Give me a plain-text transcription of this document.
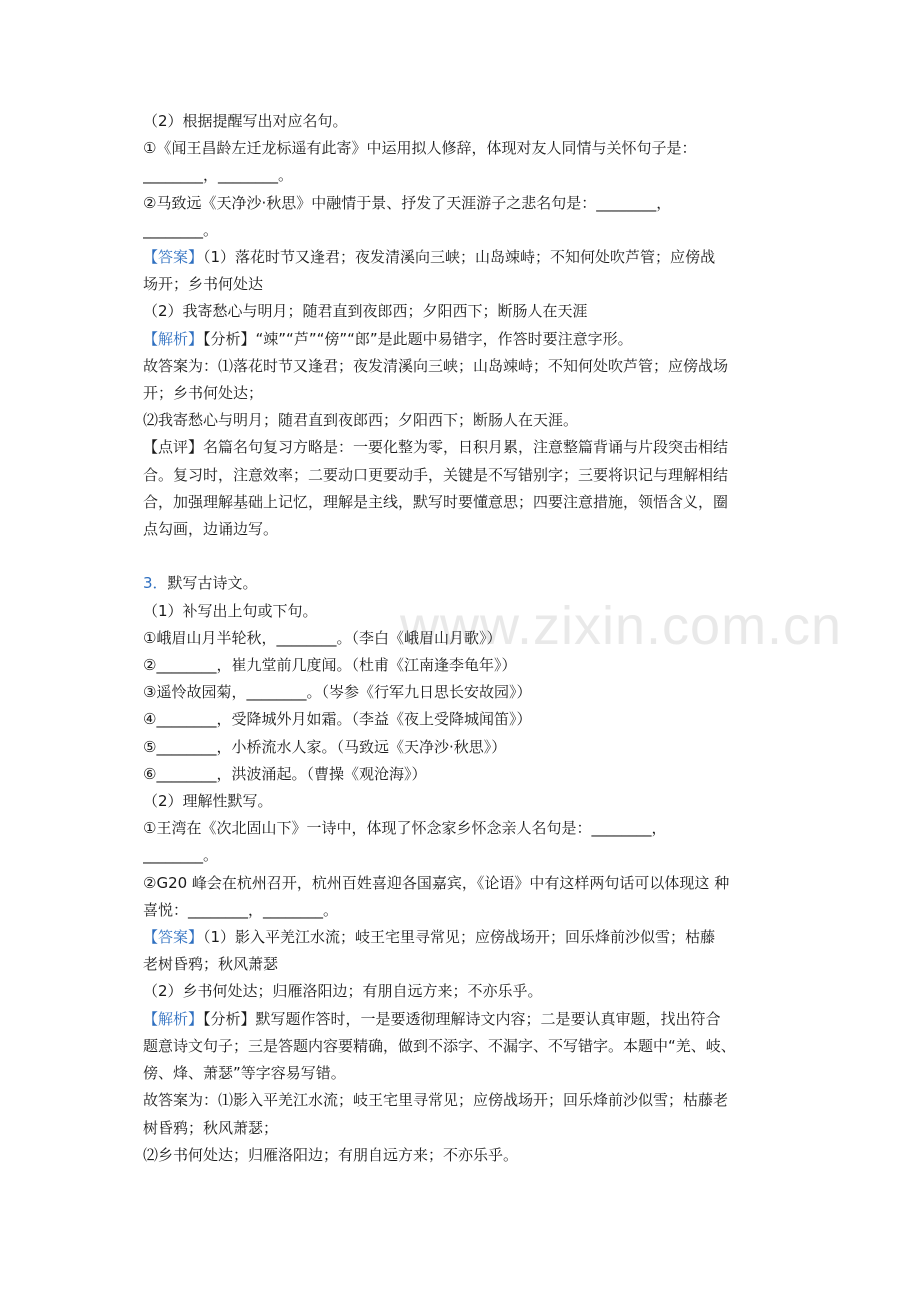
www.zixin.com.cn
（2）根据提醒写出对应名句。
①《闻王昌龄左迁龙标遥有此寄》中运用拟人修辞，体现对友人同情与关怀句子是：
________，________。
②马致远《天净沙·秋思》中融情于景、抒发了天涯游子之悲名句是：________，
________。
【答案】（1）落花时节又逢君；夜发清溪向三峡；山岛竦峙；不知何处吹芦管；应傍战
场开；乡书何处达
（2）我寄愁心与明月；随君直到夜郎西；夕阳西下；断肠人在天涯
【解析】【分析】“竦”“芦”“傍”“郎”是此题中易错字，作答时要注意字形。
故答案为：⑴落花时节又逢君；夜发清溪向三峡；山岛竦峙；不知何处吹芦管；应傍战场
开；乡书何处达；
⑵我寄愁心与明月；随君直到夜郎西；夕阳西下；断肠人在天涯。
【点评】名篇名句复习方略是：一要化整为零，日积月累，注意整篇背诵与片段突击相结
合。复习时，注意效率；二要动口更要动手，关键是不写错别字；三要将识记与理解相结
合，加强理解基础上记忆，理解是主线，默写时要懂意思；四要注意措施，领悟含义，圈
点勾画，边诵边写。
3．默写古诗文。
（1）补写出上句或下句。
①峨眉山月半轮秋，________。（李白《峨眉山月歌》）
②________，崔九堂前几度闻。（杜甫《江南逢李龟年》）
③遥怜故园菊，________。（岑参《行军九日思长安故园》）
④________，受降城外月如霜。（李益《夜上受降城闻笛》）
⑤________，小桥流水人家。（马致远《天净沙·秋思》）
⑥________，洪波涌起。（曹操《观沧海》）
（2）理解性默写。
①王湾在《次北固山下》一诗中，体现了怀念家乡怀念亲人名句是：________，
________。
②G20 峰会在杭州召开，杭州百姓喜迎各国嘉宾，《论语》中有这样两句话可以体现这 种
喜悦：________，________。
【答案】（1）影入平羌江水流；岐王宅里寻常见；应傍战场开；回乐烽前沙似雪；枯藤
老树昏鸦；秋风萧瑟
（2）乡书何处达；归雁洛阳边；有朋自远方来；不亦乐乎。
【解析】【分析】默写题作答时，一是要透彻理解诗文内容；二是要认真审题，找出符合
题意诗文句子；三是答题内容要精确，做到不添字、不漏字、不写错字。本题中“羌、岐、
傍、烽、萧瑟”等字容易写错。
故答案为：⑴影入平羌江水流；岐王宅里寻常见；应傍战场开；回乐烽前沙似雪；枯藤老
树昏鸦；秋风萧瑟；
⑵乡书何处达；归雁洛阳边；有朋自远方来；不亦乐乎。
